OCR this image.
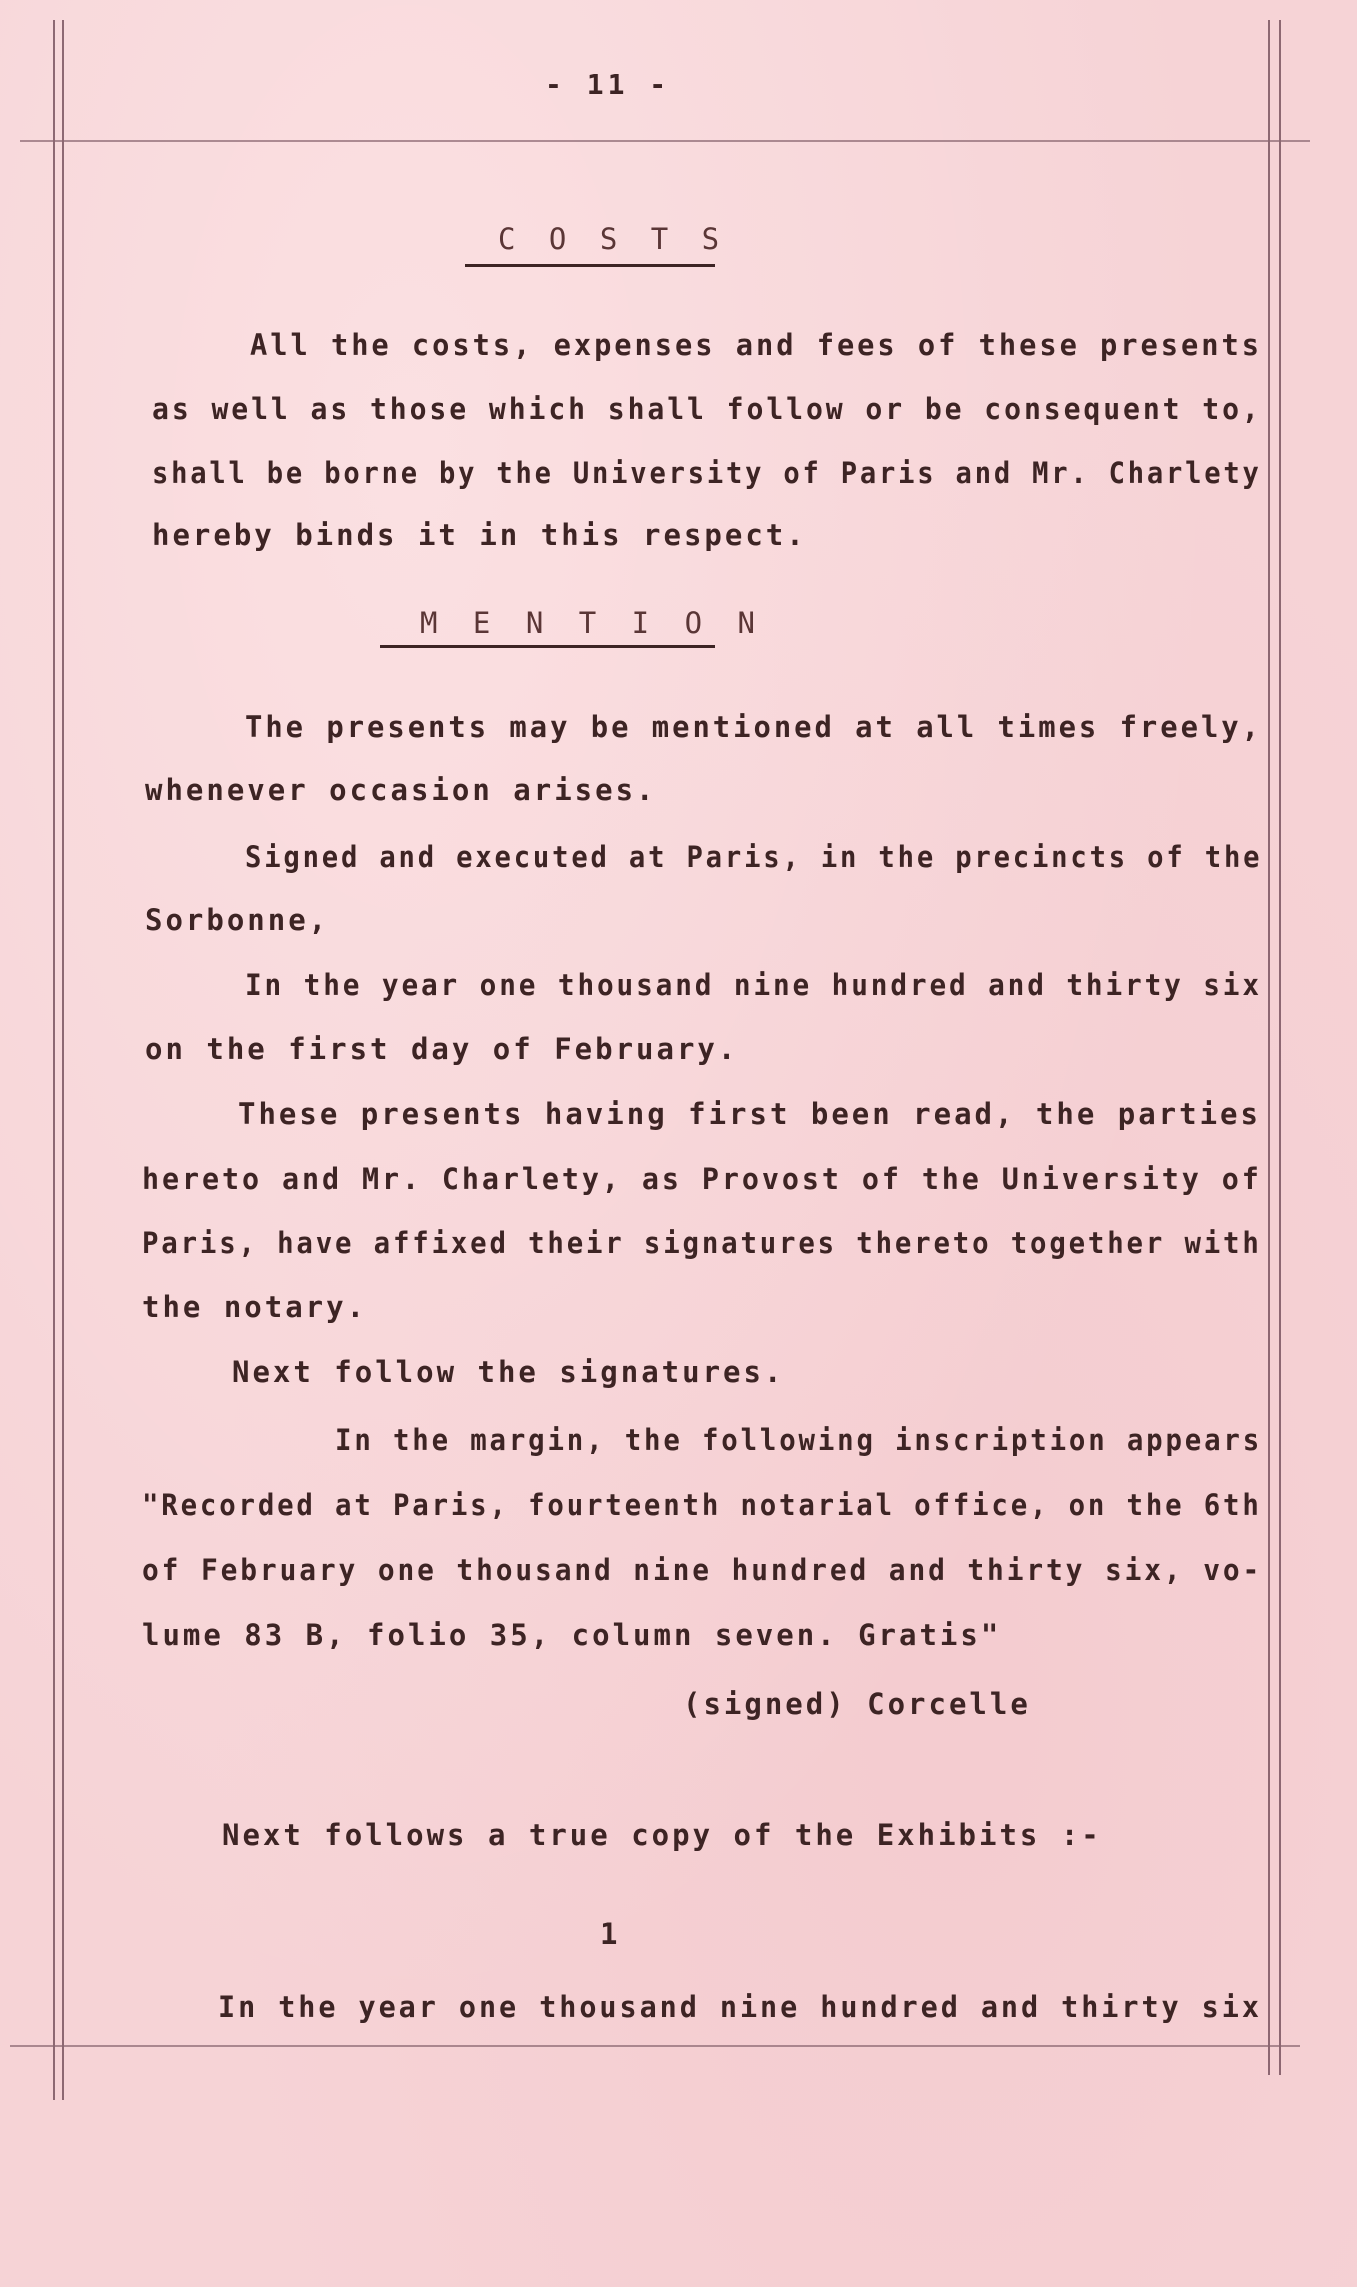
- 11 -
C O S T S
All the costs, expenses and fees of these presents
as well as those which shall follow or be consequent to,
shall be borne by the University of Paris and Mr. Charlety
hereby binds it in this respect.
M E N T I O N
The presents may be mentioned at all times freely,
whenever occasion arises.
Signed and executed at Paris, in the precincts of the
Sorbonne,
In the year one thousand nine hundred and thirty six
on the first day of February.
These presents having first been read, the parties
hereto and Mr. Charlety, as Provost of the University of
Paris, have affixed their signatures thereto together with
the notary.
Next follow the signatures.
In the margin, the following inscription appears
"Recorded at Paris, fourteenth notarial office, on the 6th
of February one thousand nine hundred and thirty six, vo-
lume 83 B, folio 35, column seven. Gratis"
(signed) Corcelle
Next follows a true copy of the Exhibits :-
1
In the year one thousand nine hundred and thirty six
